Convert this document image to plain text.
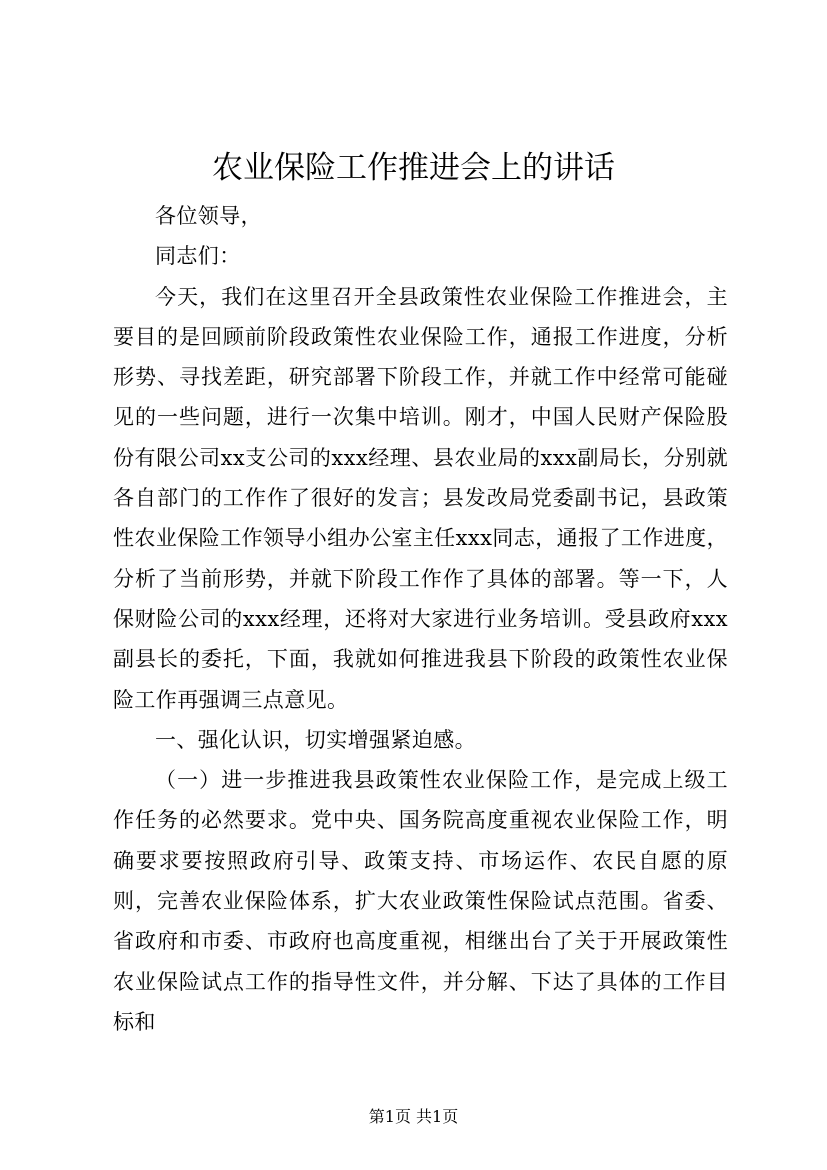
农业保险工作推进会上的讲话

各位领导，

同志们：

今天，我们在这里召开全县政策性农业保险工作推进会，主要目的是回顾前阶段政策性农业保险工作，通报工作进度，分析形势、寻找差距，研究部署下阶段工作，并就工作中经常可能碰见的一些问题，进行一次集中培训。刚才，中国人民财产保险股份有限公司xx支公司的xxx经理、县农业局的xxx副局长，分别就各自部门的工作作了很好的发言；县发改局党委副书记，县政策性农业保险工作领导小组办公室主任xxx同志，通报了工作进度，分析了当前形势，并就下阶段工作作了具体的部署。等一下，人保财险公司的xxx经理，还将对大家进行业务培训。受县政府xxx副县长的委托，下面，我就如何推进我县下阶段的政策性农业保险工作再强调三点意见。

一、强化认识，切实增强紧迫感。

（一）进一步推进我县政策性农业保险工作，是完成上级工作任务的必然要求。党中央、国务院高度重视农业保险工作，明确要求要按照政府引导、政策支持、市场运作、农民自愿的原则，完善农业保险体系，扩大农业政策性保险试点范围。省委、省政府和市委、市政府也高度重视，相继出台了关于开展政策性农业保险试点工作的指导性文件，并分解、下达了具体的工作目标和

第1页 共1页
